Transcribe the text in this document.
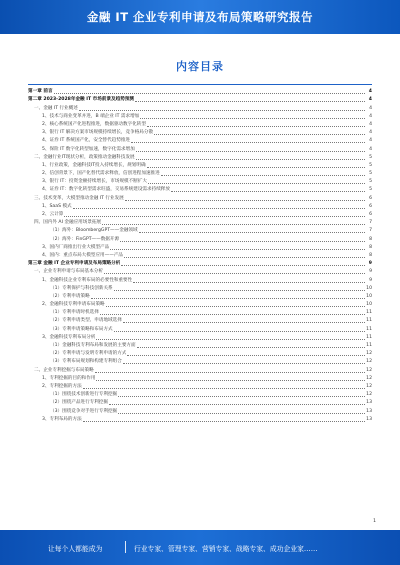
金融 IT 企业专利申请及布局策略研究报告
内容目录
第一章 前言	4
第二章 2023-2028年金融 IT 市场前景及趋势预测	4
一、金融 IT 行业概述	4
1、技术与商业变革并进，B 端企业 IT 需求增加	4
2、核心系统国产化进程推进，数据驱动数字化转型	4
3、银行 IT 解决方案市场规模持续增长，竞争格局分散	4
4、证券 IT 系统国产化，安全替代趋势推进	4
5、保险 IT 数字化转型加速，数字化需求增加	4
二、金融行业IT现状分析，政策推动金融科技发展	5
1、行业政策，金融科技IT投入持续增长，规划明确	5
2、信创背景下，国产化替代需求释放，信创进程加速推进	5
3、银行 IT：投资金额持续增长，市场规模不断扩大	5
4、证券 IT：数字化转型需求旺盛，交易系统建设需求持续释放	5
三、技术变革，大模型推动金融 IT 行业发展	6
1、SaaS 模式	6
2、云计算	6
四、国内外 AI 金融应用场景拓展	7
（1）海外：BloombergGPT——金融领域	7
（2）海外：FinGPT——数据开源	8
3、国内厂商推出行业大模型产品	8
4、国内：重点布局大模型应用——产品	8
第三章 金融 IT 企业专利申请及布局策略分析	9
一、企业专利申请与布局基本分析	9
1、金融科技企业专利布局的必要性和重要性	9
（1）专利保护与科技创新关系	10
（2）专利申请策略	10
2、金融科技专利申请布局策略	10
（1）专利申请时机选择	11
（2）专利申请类型、申请地域选择	11
（3）专利申请策略和布局方式	11
3、金融科技专利布局分析	11
（1）金融科技专利布局和发展的主要方面	11
（2）专利申请与发明专利申请的方式	12
（3）专利布局规划和构建专利组合	12
二、企业专利挖掘与布局策略	12
1、专利挖掘的目的和作用	12
2、专利挖掘的方法	12
（1）围绕技术创新进行专利挖掘	12
（2）围绕产品进行专利挖掘	13
（3）围绕竞争对手进行专利挖掘	13
3、专利布局的方法	13
1
让每个人都能成为	行业专家、管理专家、营销专家、战略专家、成功企业家……
